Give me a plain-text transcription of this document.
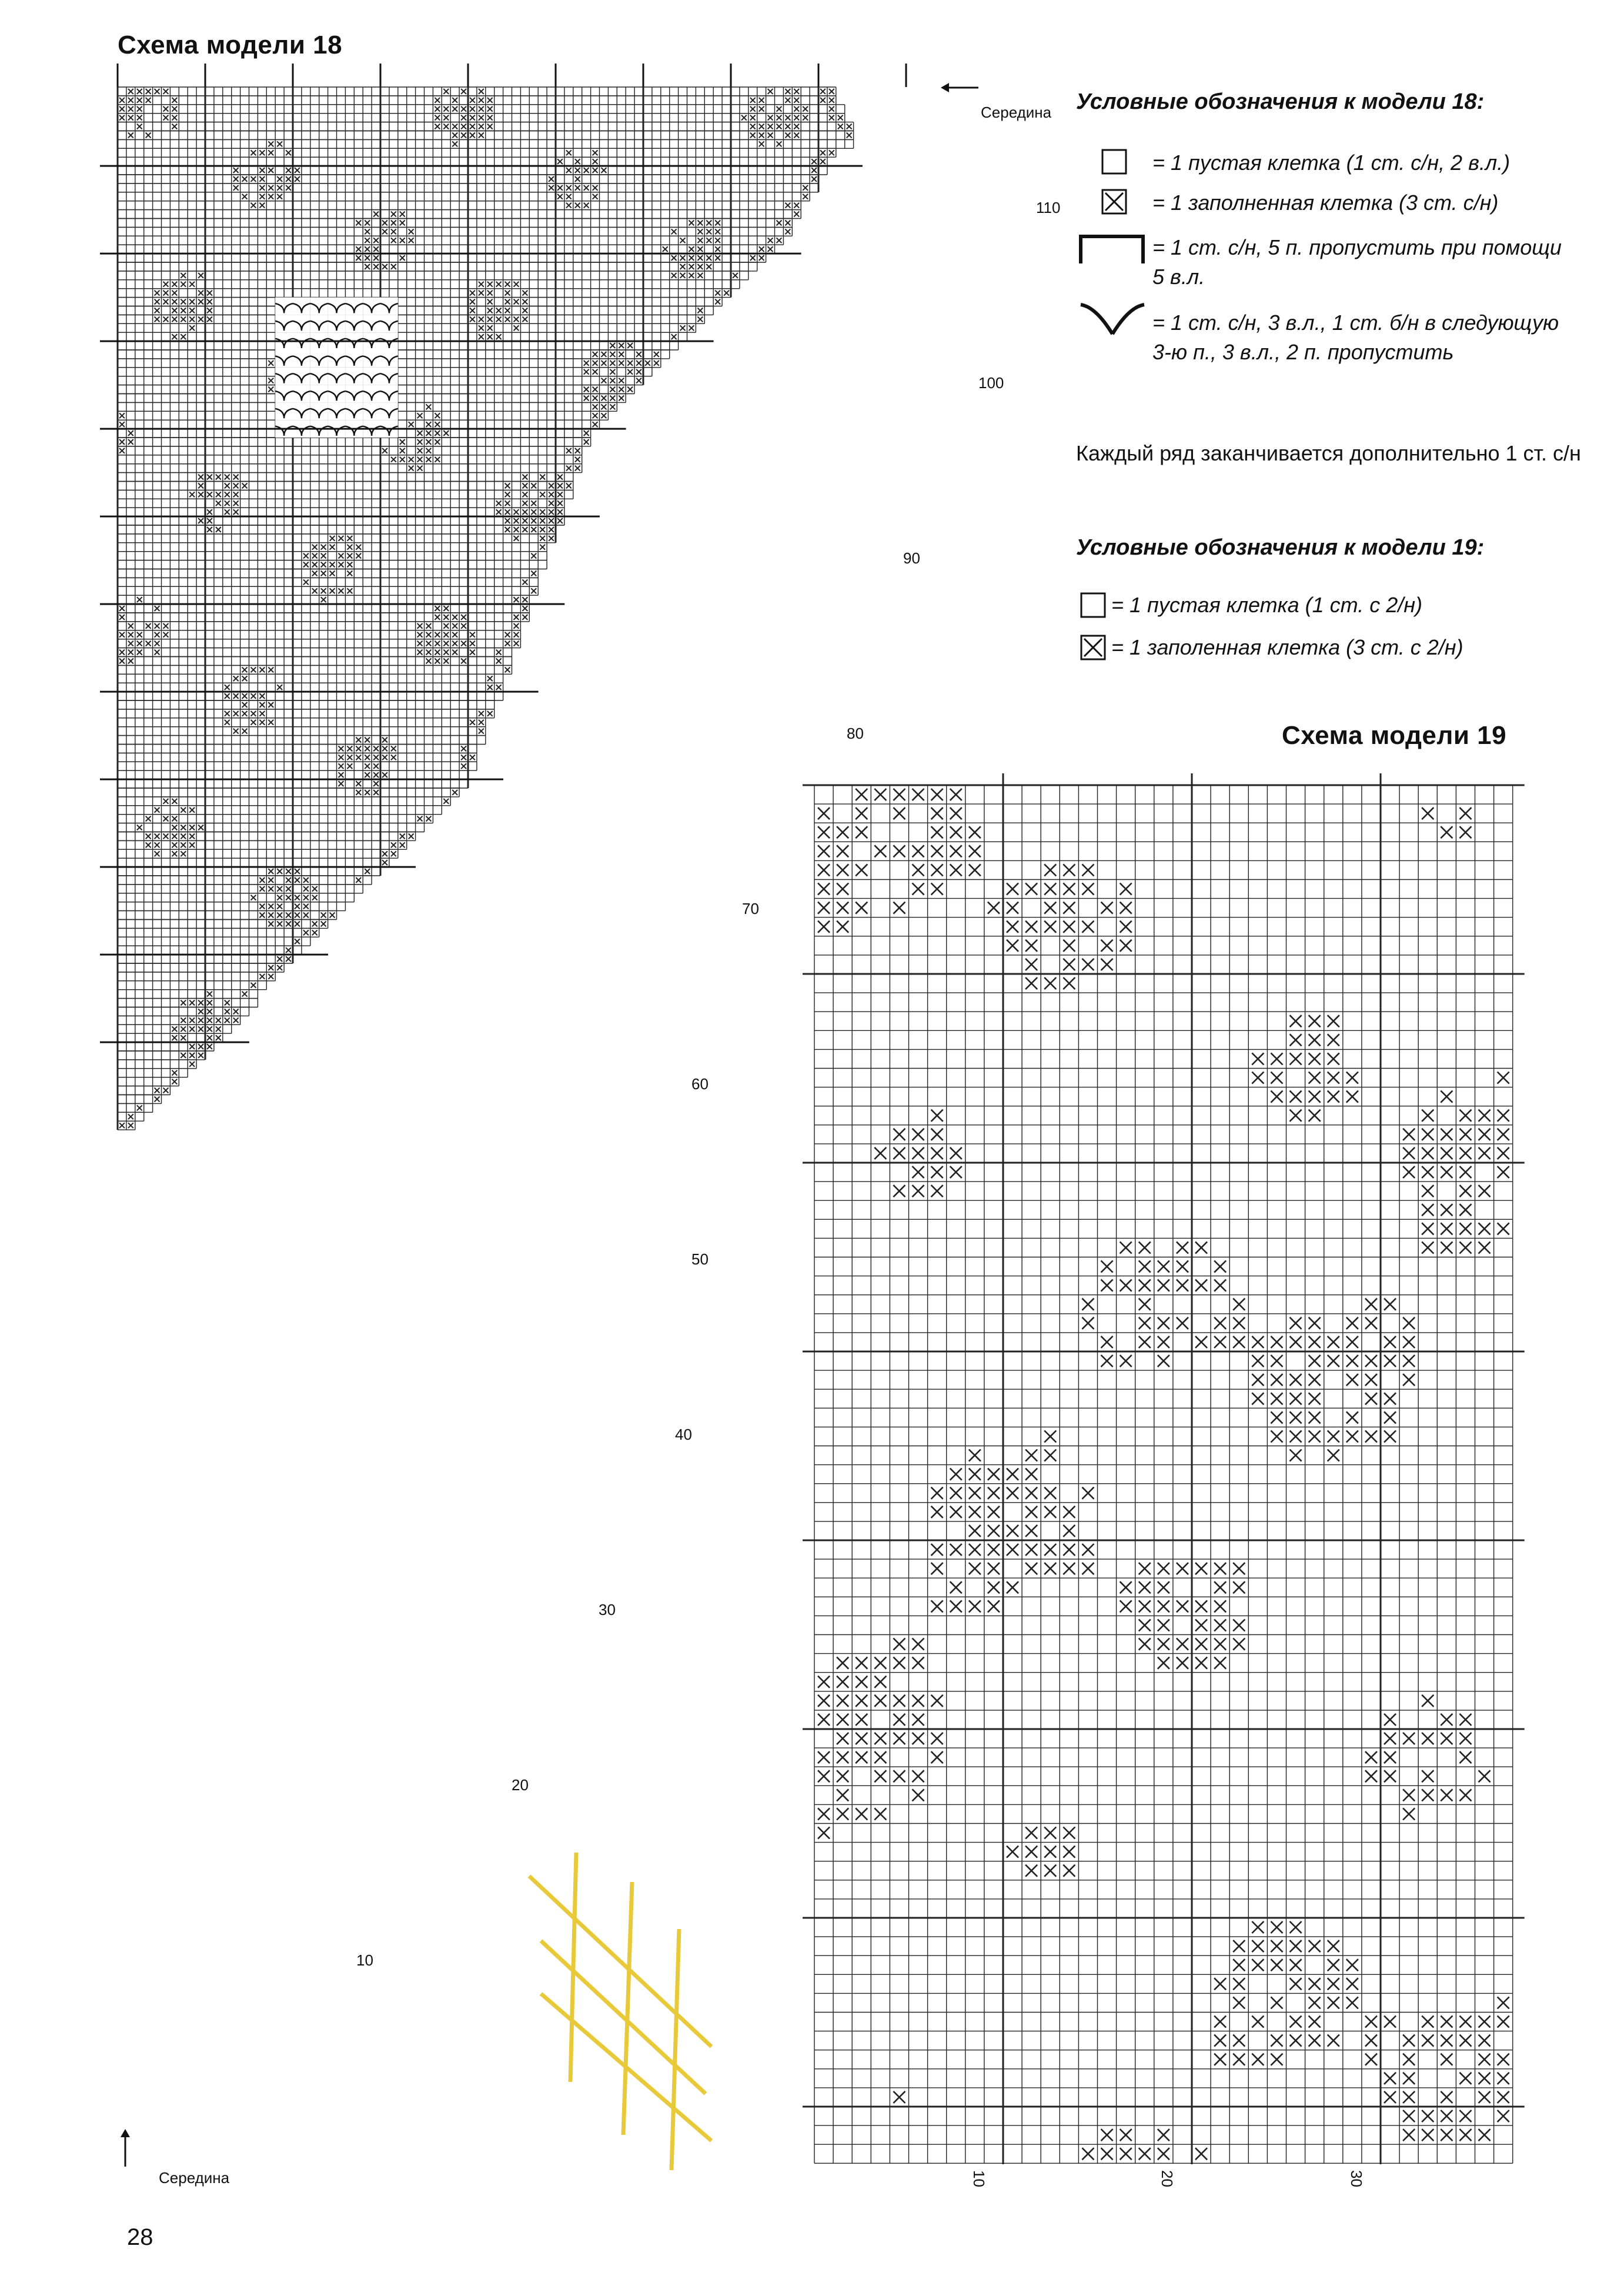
Схема модели 18
Середина
Середина
110
100
90
80
70
60
50
40
30
20
10
Условные обозначения к модели 18:
= 1 пустая клетка (1 ст. с/н, 2 в.л.)
= 1 заполненная клетка (3 ст. с/н)
= 1 ст. с/н, 5 п. пропустить при помощи 5 в.л.
= 1 ст. с/н, 3 в.л., 1 ст. б/н в следующую 3-ю п., 3 в.л., 2 п. пропустить
Каждый ряд заканчивается дополнительно 1 ст. с/н
Условные обозначения к модели 19:
= 1 пустая клетка (1 ст. с 2/н)
= 1 заполенная клетка (3 ст. с 2/н)
Схема модели 19
10	20	30
28
